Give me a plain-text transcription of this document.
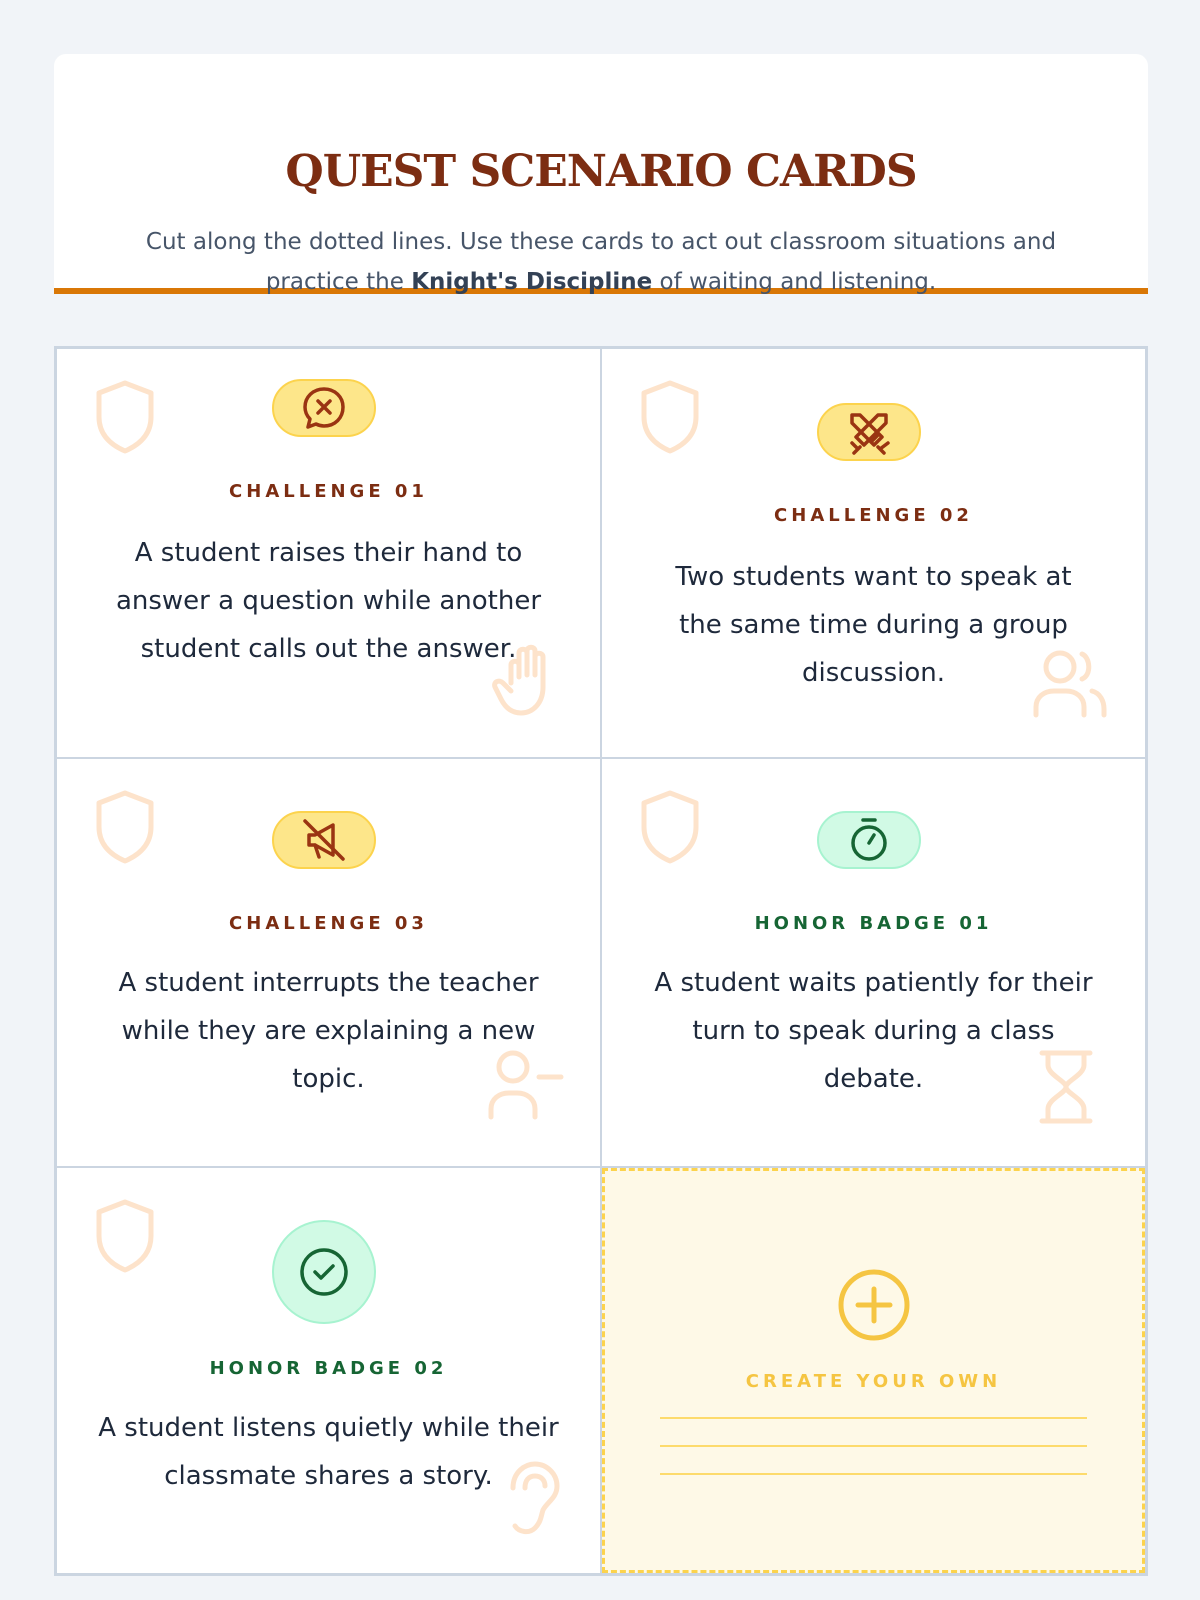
QUEST SCENARIO CARDS
Cut along the dotted lines. Use these cards to act out classroom situations and practice the Knight's Discipline of waiting and listening.
CHALLENGE 01
A student raises their hand to answer a question while another student calls out the answer.
CHALLENGE 02
Two students want to speak at the same time during a group discussion.
CHALLENGE 03
A student interrupts the teacher while they are explaining a new topic.
HONOR BADGE 01
A student waits patiently for their turn to speak during a class debate.
HONOR BADGE 02
A student listens quietly while their classmate shares a story.
CREATE YOUR OWN
